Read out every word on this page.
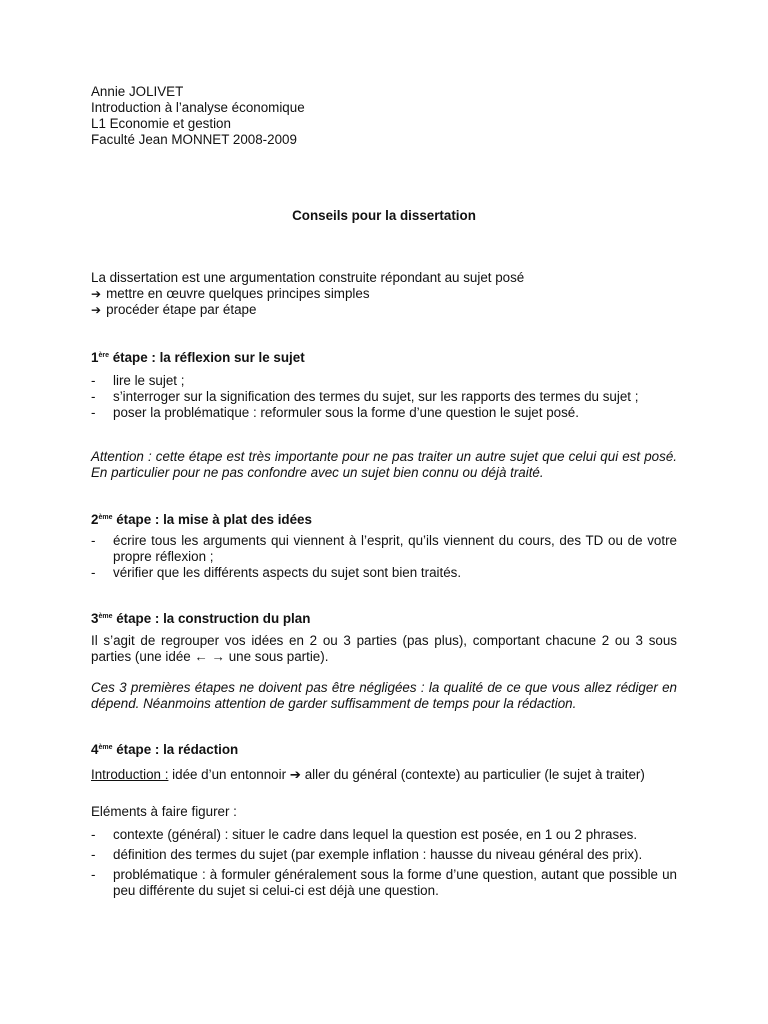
Annie JOLIVET
Introduction à l’analyse économique
L1 Economie et gestion
Faculté Jean MONNET 2008-2009
Conseils pour la dissertation
La dissertation est une argumentation construite répondant au sujet posé
➔ mettre en œuvre quelques principes simples
➔ procéder étape par étape
1ère étape : la réflexion sur le sujet
- lire le sujet ;
- s’interroger sur la signification des termes du sujet, sur les rapports des termes du sujet ;
- poser la problématique : reformuler sous la forme d’une question le sujet posé.
Attention : cette étape est très importante pour ne pas traiter un autre sujet que celui qui est posé. En particulier pour ne pas confondre avec un sujet bien connu ou déjà traité.
2ème étape : la mise à plat des idées
- écrire tous les arguments qui viennent à l’esprit, qu’ils viennent du cours, des TD ou de votre propre réflexion ;
- vérifier que les différents aspects du sujet sont bien traités.
3ème étape : la construction du plan
Il s’agit de regrouper vos idées en 2 ou 3 parties (pas plus), comportant chacune 2 ou 3 sous parties (une idée ← → une sous partie).
Ces 3 premières étapes ne doivent pas être négligées : la qualité de ce que vous allez rédiger en dépend. Néanmoins attention de garder suffisamment de temps pour la rédaction.
4ème étape : la rédaction
Introduction : idée d’un entonnoir ➔ aller du général (contexte) au particulier (le sujet à traiter)
Eléments à faire figurer :
- contexte (général) : situer le cadre dans lequel la question est posée, en 1 ou 2 phrases.
- définition des termes du sujet (par exemple inflation : hausse du niveau général des prix).
- problématique : à formuler généralement sous la forme d’une question, autant que possible un peu différente du sujet si celui-ci est déjà une question.
